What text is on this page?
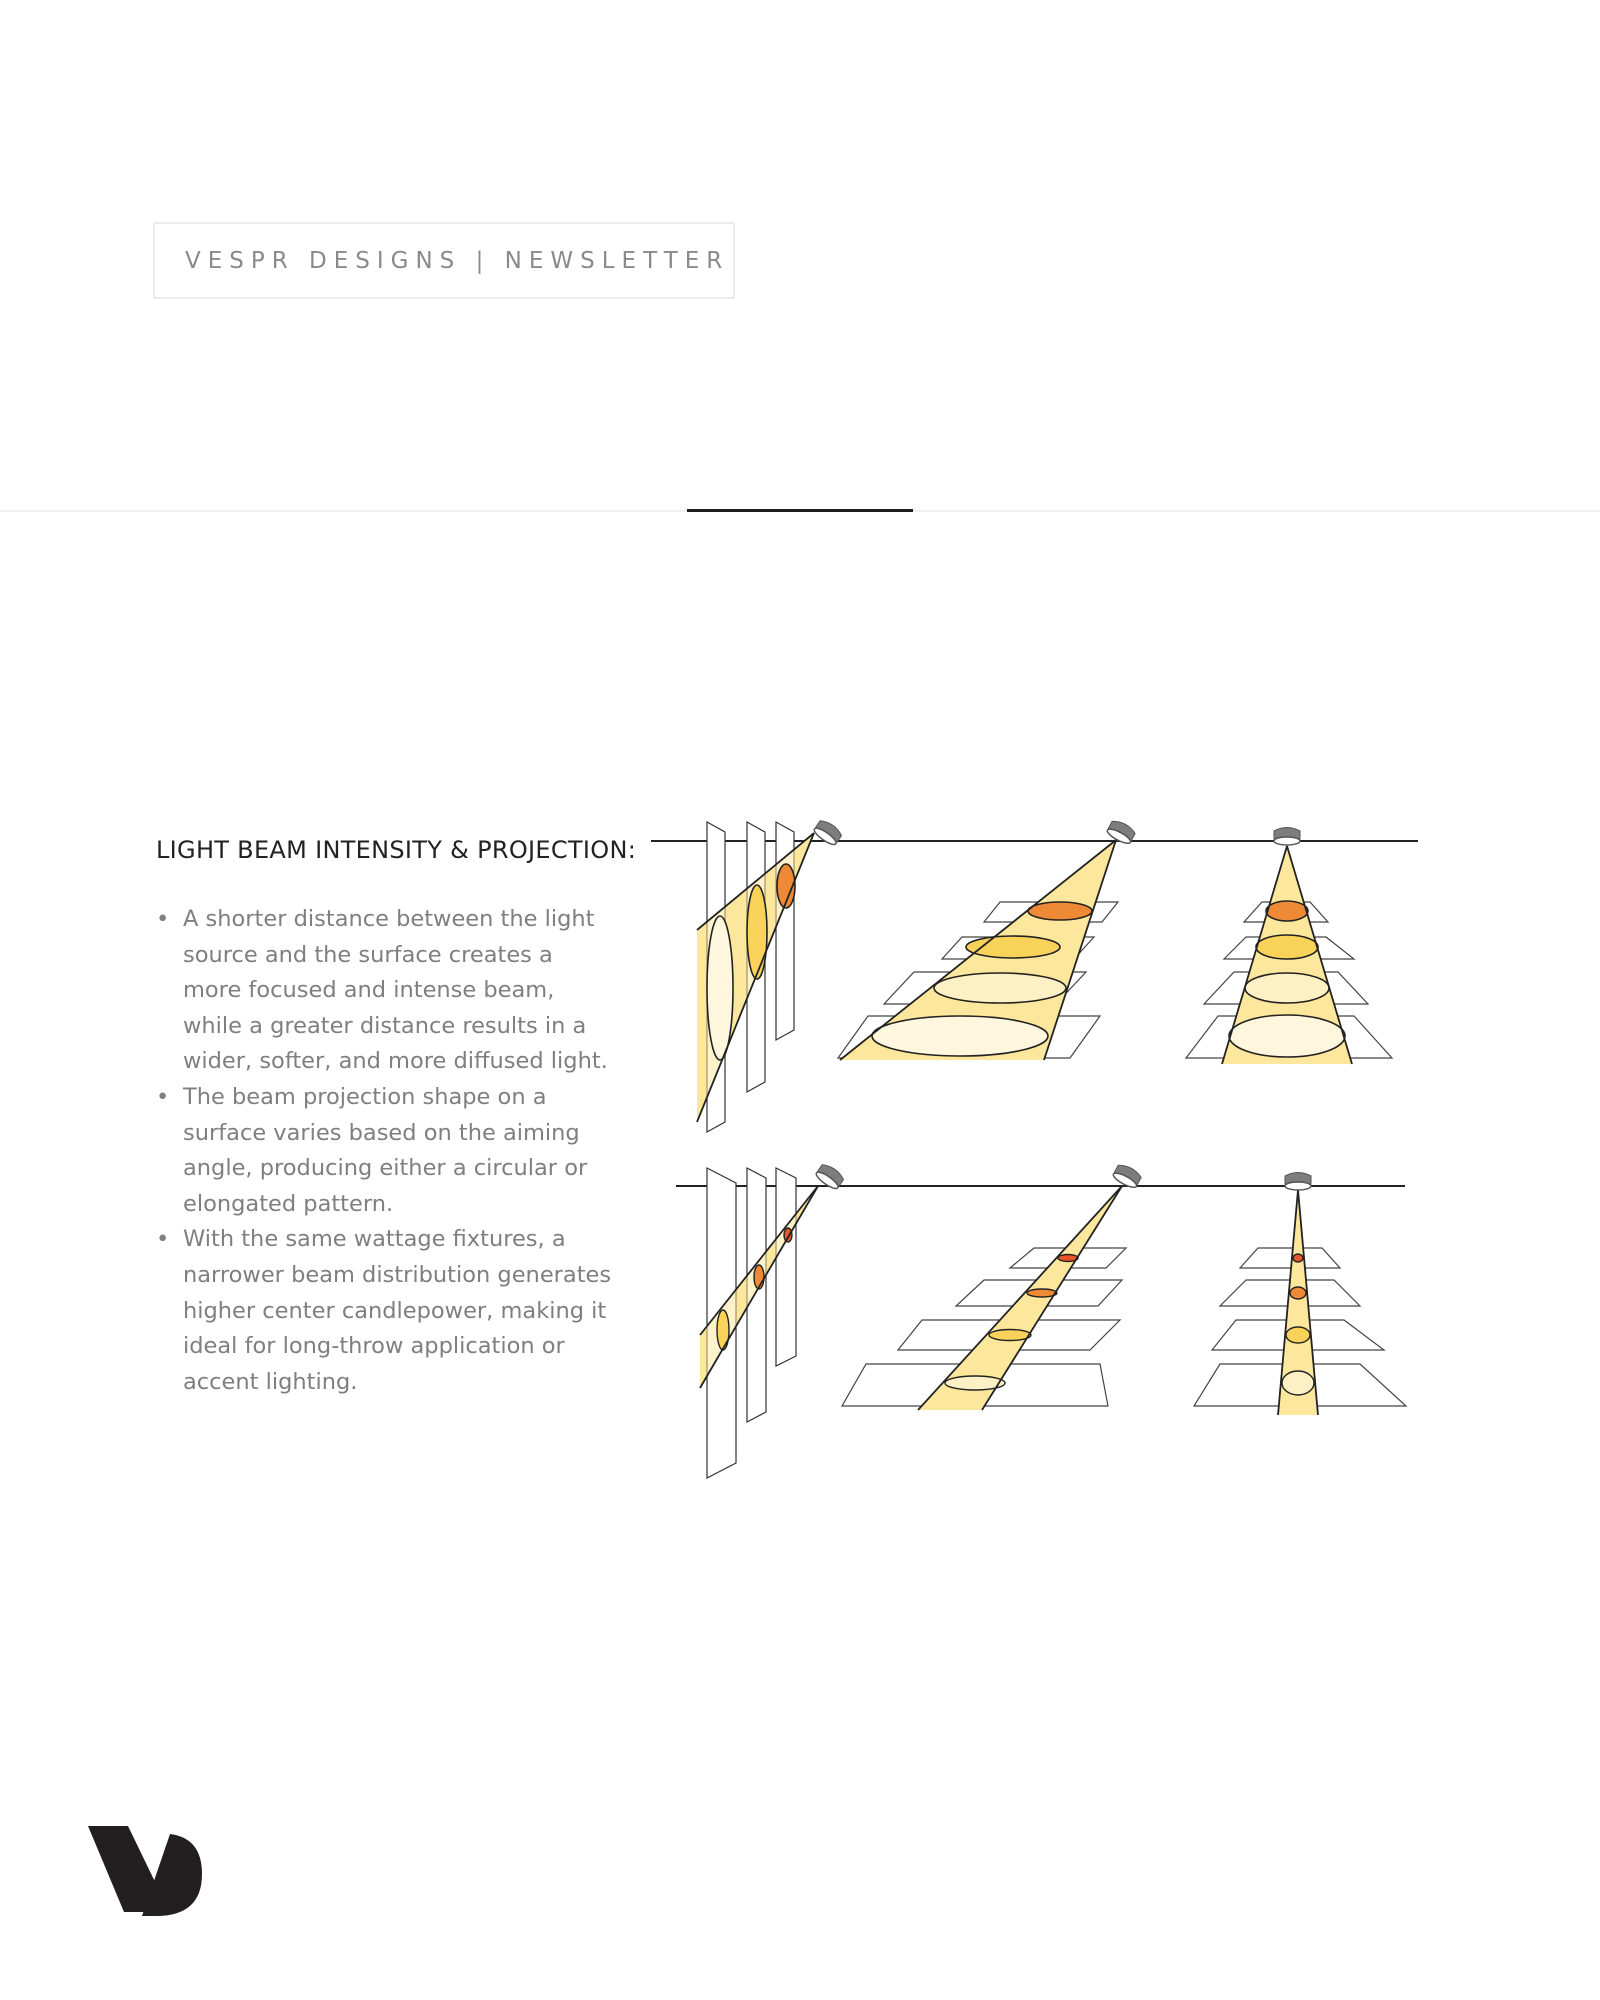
VESPR DESIGNS | NEWSLETTER
LIGHT BEAM INTENSITY & PROJECTION:
• A shorter distance between the light source and the surface creates a more focused and intense beam, while a greater distance results in a wider, softer, and more diffused light.
• The beam projection shape on a surface varies based on the aiming angle, producing either a circular or elongated pattern.
• With the same wattage fixtures, a narrower beam distribution generates higher center candlepower, making it ideal for long-throw application or accent lighting.
